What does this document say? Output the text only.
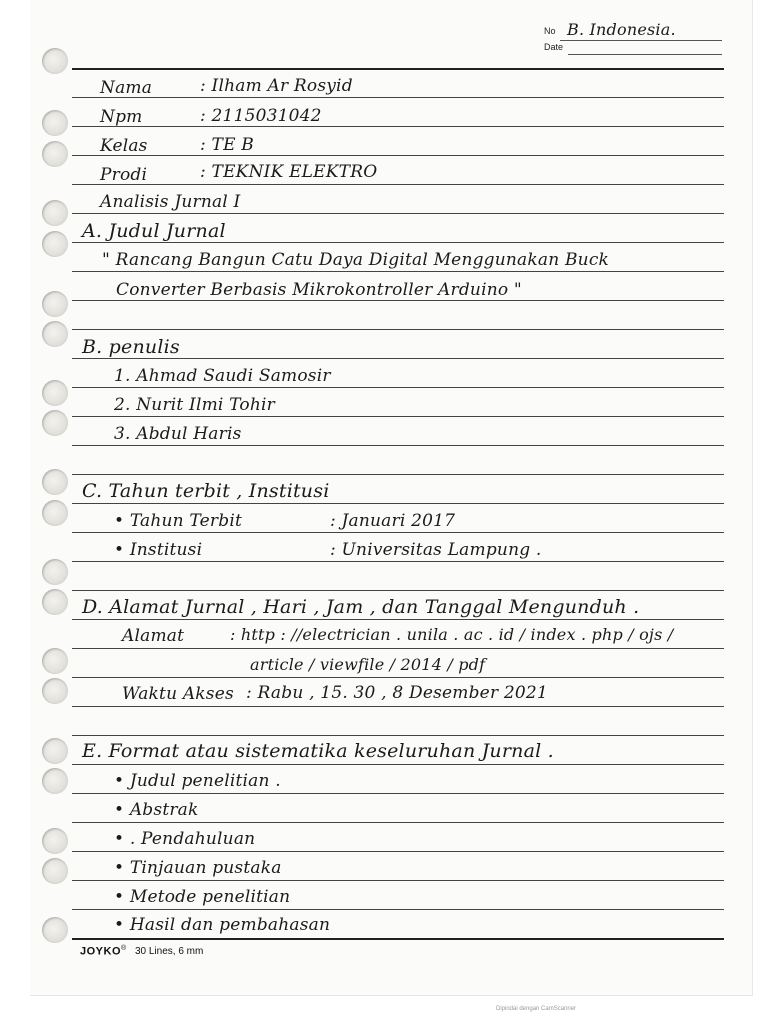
No B. Indonesia.
Date
Nama	: Ilham Ar Rosyid
Npm	: 2115031042
Kelas	: TE B
Prodi	: TEKNIK ELEKTRO
Analisis Jurnal I
A. Judul Jurnal
" Rancang Bangun Catu Daya Digital Menggunakan Buck
Converter Berbasis Mikrokontroller Arduino "
B. penulis
1. Ahmad Saudi Samosir
2. Nurit Ilmi Tohir
3. Abdul Haris
C. Tahun terbit , Institusi
• Tahun Terbit	: Januari 2017
• Institusi	: Universitas Lampung .
D. Alamat Jurnal , Hari , Jam , dan Tanggal Mengunduh .
Alamat	: http : //electrician . unila . ac . id / index . php / ojs /
article / viewfile / 2014 / pdf
Waktu Akses : Rabu , 15. 30 , 8 Desember 2021
E. Format atau sistematika keseluruhan Jurnal .
• Judul penelitian .
• Abstrak
• . Pendahuluan
• Tinjauan pustaka
• Metode penelitian
• Hasil dan pembahasan
JOYKO® 30 Lines, 6 mm
Dipindai dengan CamScanner
